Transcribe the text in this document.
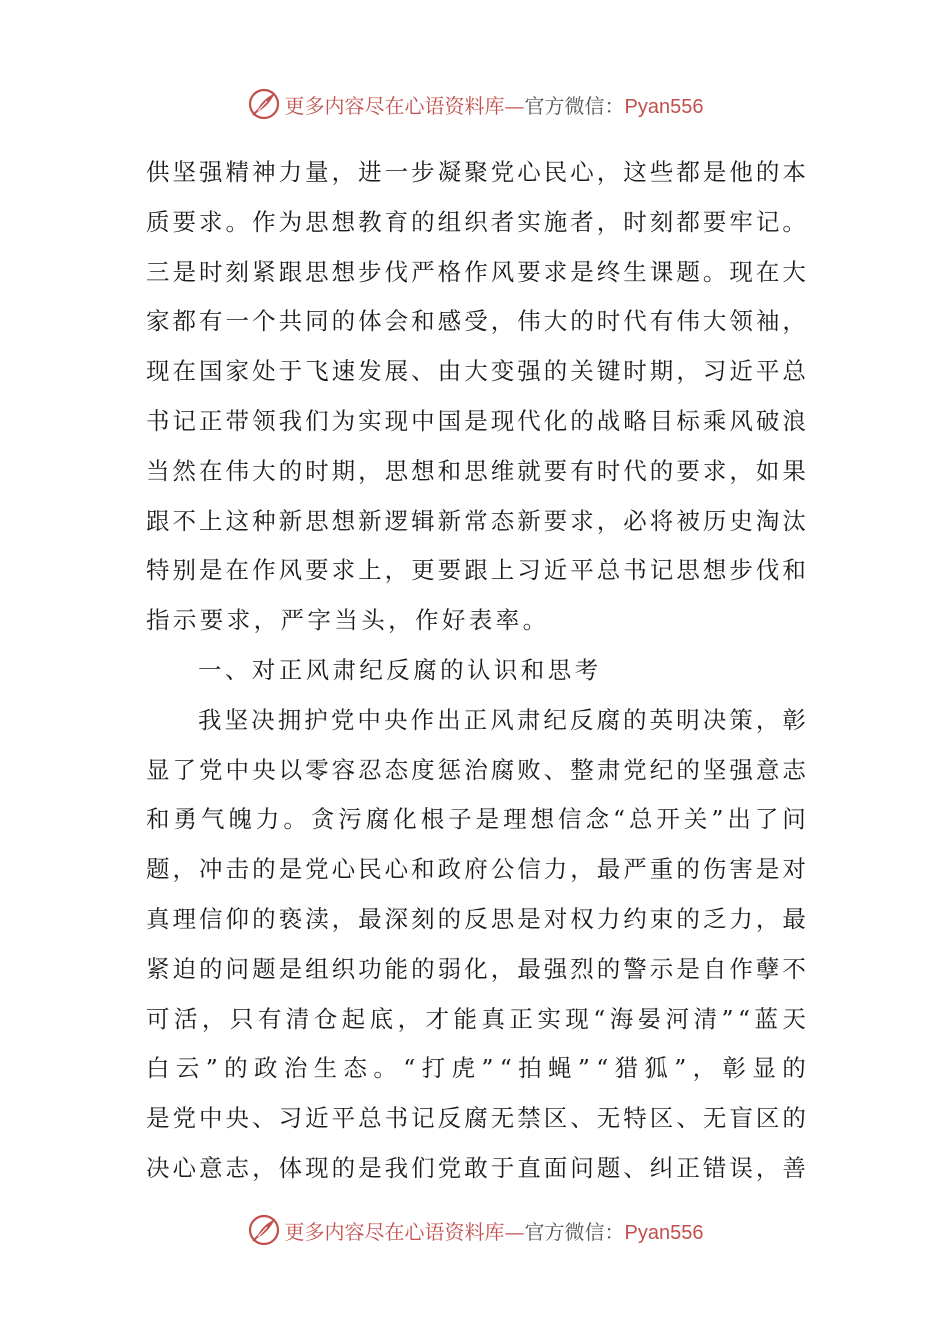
更多内容尽在心语资料库—官方微信：Pyan556
供 坚 强 精 神 力 量 ， 进 一 步 凝 聚 党 心 民 心 ， 这 些 都 是 他 的 本
质 要 求 。 作 为 思 想 教 育 的 组 织 者 实 施 者 ， 时 刻 都 要 牢 记 。
三 是 时 刻 紧 跟 思 想 步 伐 严 格 作 风 要 求 是 终 生 课 题 。 现 在 大
家 都 有 一 个 共 同 的 体 会 和 感 受 ， 伟 大 的 时 代 有 伟 大 领 袖 ，
现 在 国 家 处 于 飞 速 发 展 、 由 大 变 强 的 关 键 时 期 ， 习 近 平 总
书 记 正 带 领 我 们 为 实 现 中 国 是 现 代 化 的 战 略 目 标 乘 风 破 浪
当 然 在 伟 大 的 时 期 ， 思 想 和 思 维 就 要 有 时 代 的 要 求 ， 如 果
跟 不 上 这 种 新 思 想 新 逻 辑 新 常 态 新 要 求 ， 必 将 被 历 史 淘 汰
特 别 是 在 作 风 要 求 上 ， 更 要 跟 上 习 近 平 总 书 记 思 想 步 伐 和
指示要求，严字当头，作好表率。
一、对正风肃纪反腐的认识和思考
我 坚 决 拥 护 党 中 央 作 出 正 风 肃 纪 反 腐 的 英 明 决 策 ， 彰
显 了 党 中 央 以 零 容 忍 态 度 惩 治 腐 败 、 整 肃 党 纪 的 坚 强 意 志
和 勇 气 魄 力 。 贪 污 腐 化 根 子 是 理 想 信 念 “ 总 开 关 ” 出 了 问
题 ， 冲 击 的 是 党 心 民 心 和 政 府 公 信 力 ， 最 严 重 的 伤 害 是 对
真 理 信 仰 的 亵 渎 ， 最 深 刻 的 反 思 是 对 权 力 约 束 的 乏 力 ， 最
紧 迫 的 问 题 是 组 织 功 能 的 弱 化 ， 最 强 烈 的 警 示 是 自 作 孽 不
可 活 ， 只 有 清 仓 起 底 ， 才 能 真 正 实 现 “ 海 晏 河 清 ” “ 蓝 天
白 云 ” 的 政 治 生 态 。 “ 打 虎 ” “ 拍 蝇 ” “ 猎 狐 ” ， 彰 显 的
是 党 中 央 、 习 近 平 总 书 记 反 腐 无 禁 区 、 无 特 区 、 无 盲 区 的
决 心 意 志 ， 体 现 的 是 我 们 党 敢 于 直 面 问 题 、 纠 正 错 误 ， 善
更多内容尽在心语资料库—官方微信：Pyan556
